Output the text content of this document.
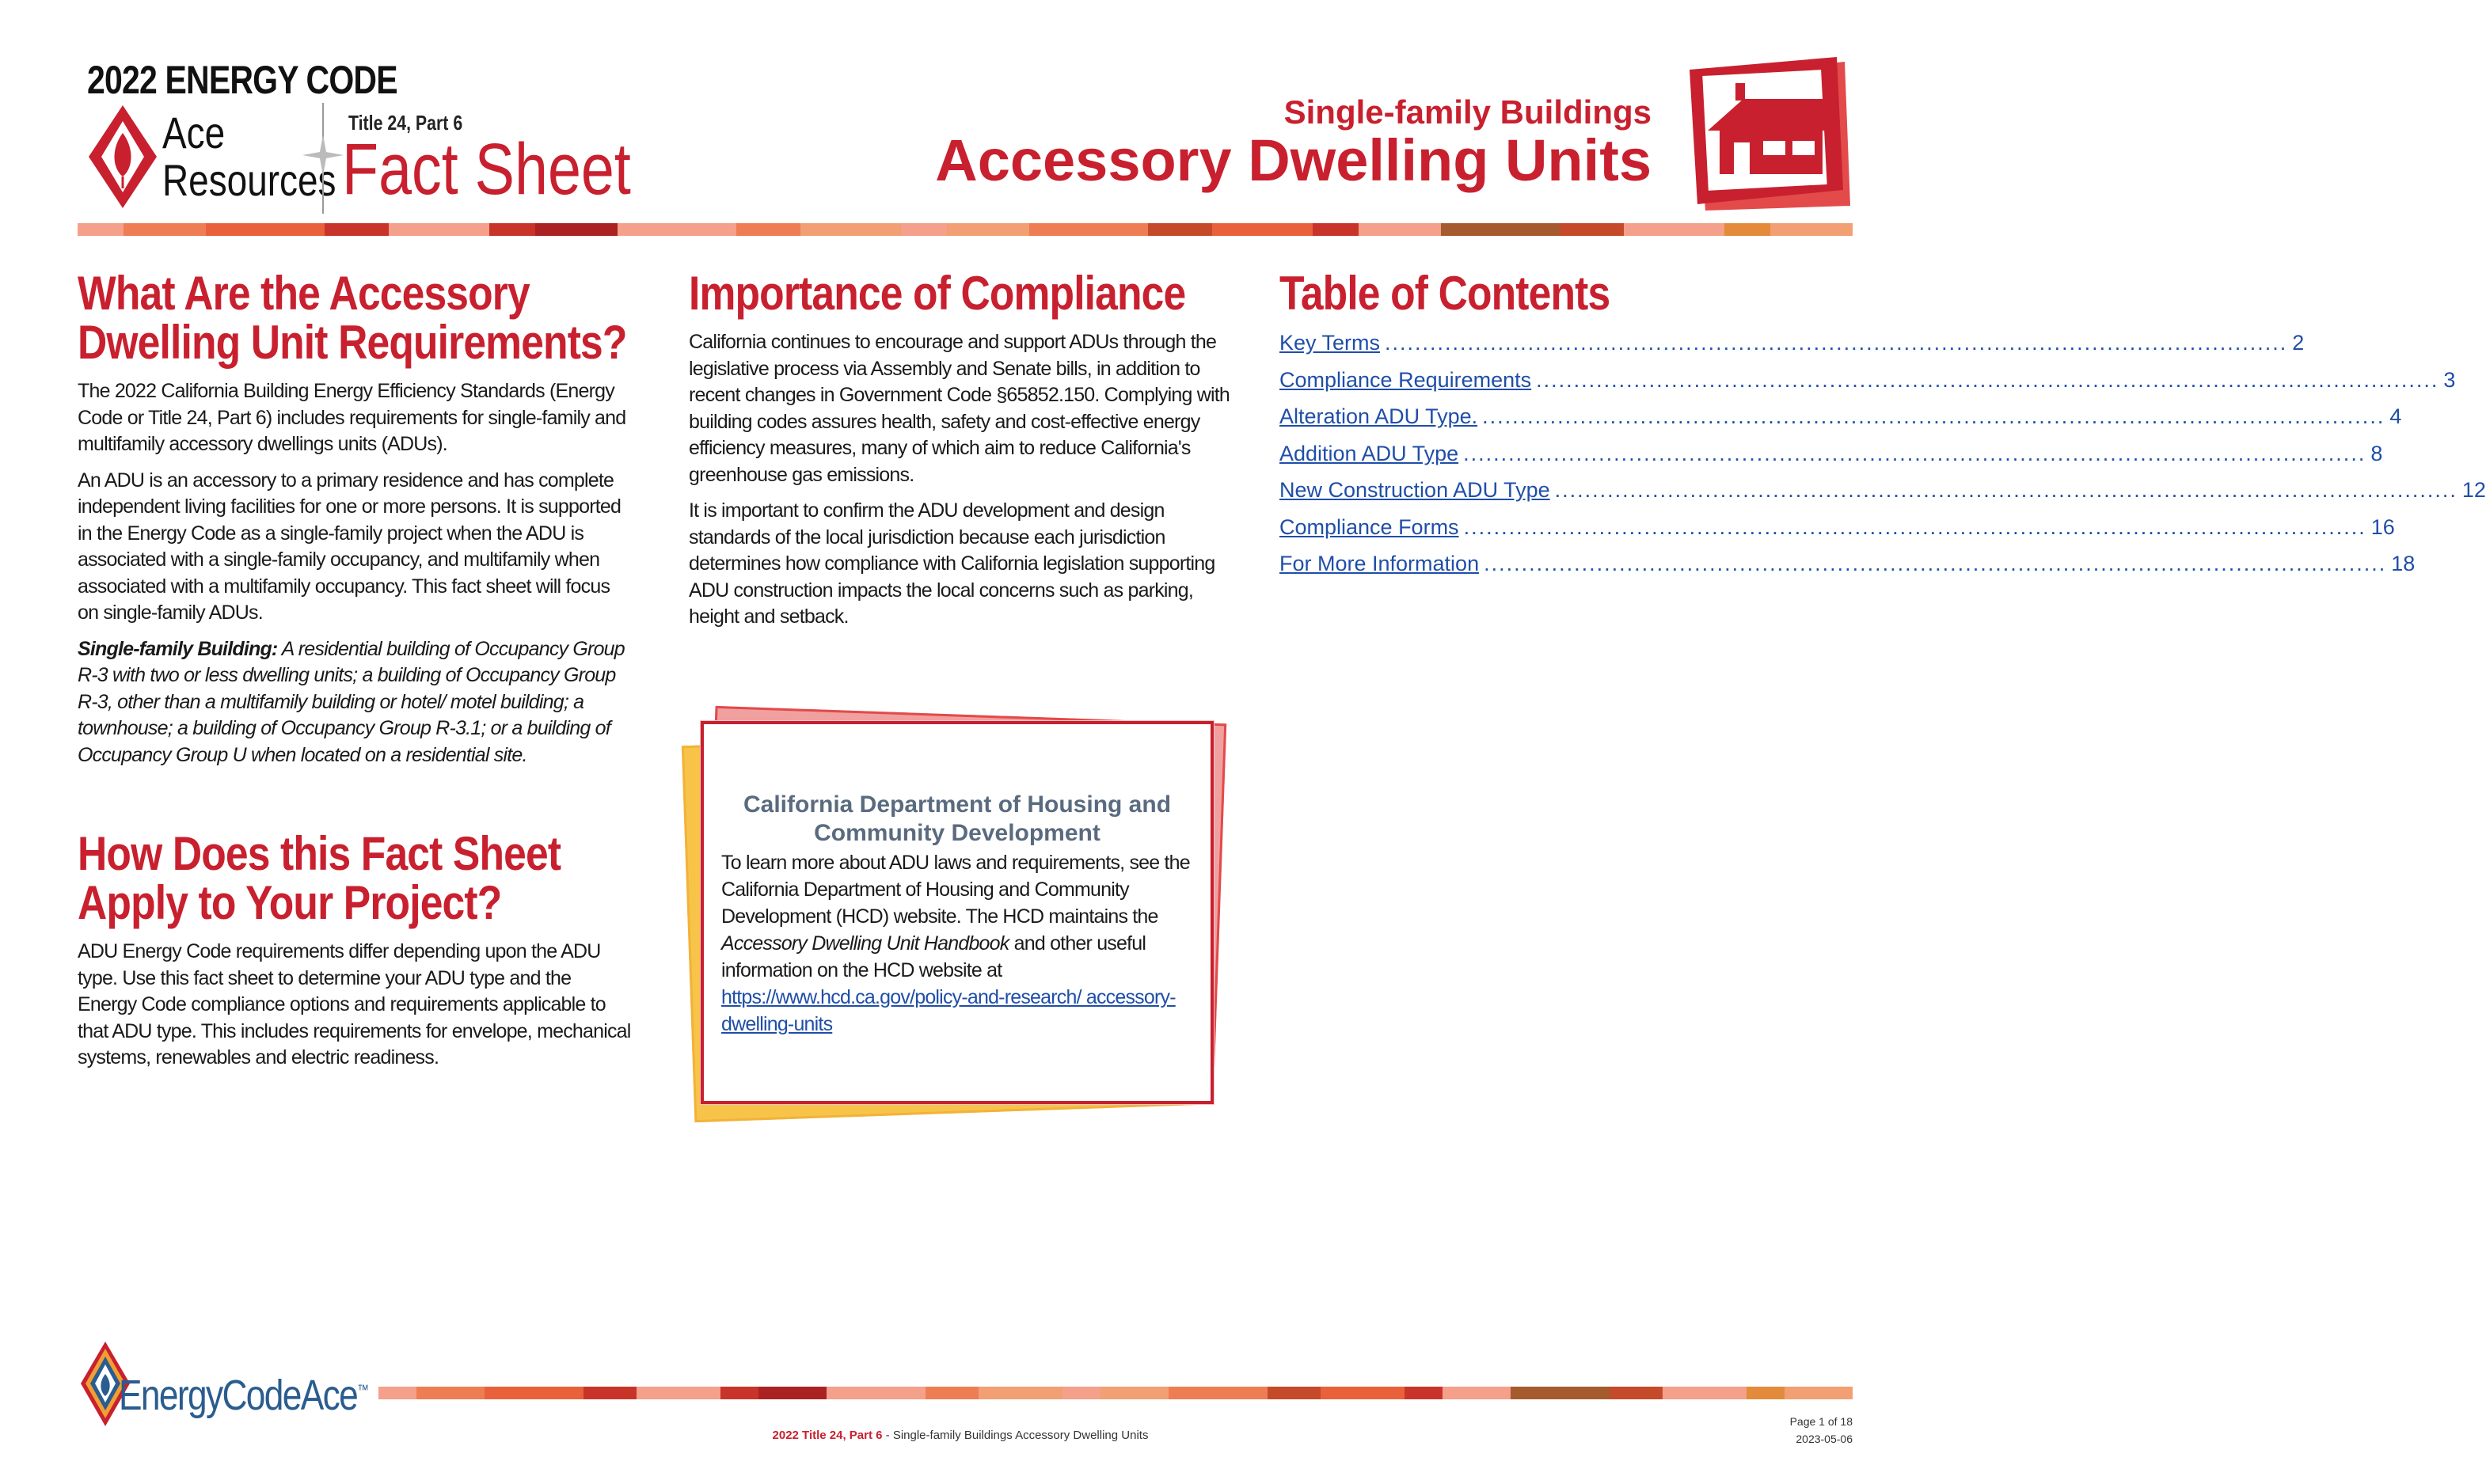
2022 ENERGY CODE
Ace
Resources
Title 24, Part 6
Fact Sheet
Single-family Buildings
Accessory Dwelling Units
What Are the Accessory Dwelling Unit Requirements?

The 2022 California Building Energy Efficiency Standards (Energy Code or Title 24, Part 6) includes requirements for single-family and multifamily accessory dwellings units (ADUs).

An ADU is an accessory to a primary residence and has complete independent living facilities for one or more persons. It is supported in the Energy Code as a single-family project when the ADU is associated with a single-family occupancy, and multifamily when associated with a multifamily occupancy. This fact sheet will focus on single-family ADUs.

Single-family Building: A residential building of Occupancy Group R-3 with two or less dwelling units; a building of Occupancy Group R-3, other than a multifamily building or hotel/ motel building; a townhouse; a building of Occupancy Group R-3.1; or a building of Occupancy Group U when located on a residential site.

How Does this Fact Sheet Apply to Your Project?

ADU Energy Code requirements differ depending upon the ADU type. Use this fact sheet to determine your ADU type and the Energy Code compliance options and requirements applicable to that ADU type. This includes requirements for envelope, mechanical systems, renewables and electric readiness.

Importance of Compliance

California continues to encourage and support ADUs through the legislative process via Assembly and Senate bills, in addition to recent changes in Government Code §65852.150. Complying with building codes assures health, safety and cost-effective energy efficiency measures, many of which aim to reduce California's greenhouse gas emissions.

It is important to confirm the ADU development and design standards of the local jurisdiction because each jurisdiction determines how compliance with California legislation supporting ADU construction impacts the local concerns such as parking, height and setback.

California Department of Housing and Community Development
To learn more about ADU laws and requirements, see the California Department of Housing and Community Development (HCD) website. The HCD maintains the Accessory Dwelling Unit Handbook and other useful information on the HCD website at
https://www.hcd.ca.gov/policy-and-research/ accessory-dwelling-units
Table of Contents
Key Terms ........................................................................................................................ 2
Compliance Requirements ........................................................................................................................ 3
Alteration ADU Type. ........................................................................................................................ 4
Addition ADU Type ........................................................................................................................ 8
New Construction ADU Type ........................................................................................................................ 12
Compliance Forms ........................................................................................................................ 16
For More Information ........................................................................................................................ 18
EnergyCodeAce™
2022 Title 24, Part 6 - Single-family Buildings Accessory Dwelling Units
Page 1 of 18
2023-05-06
